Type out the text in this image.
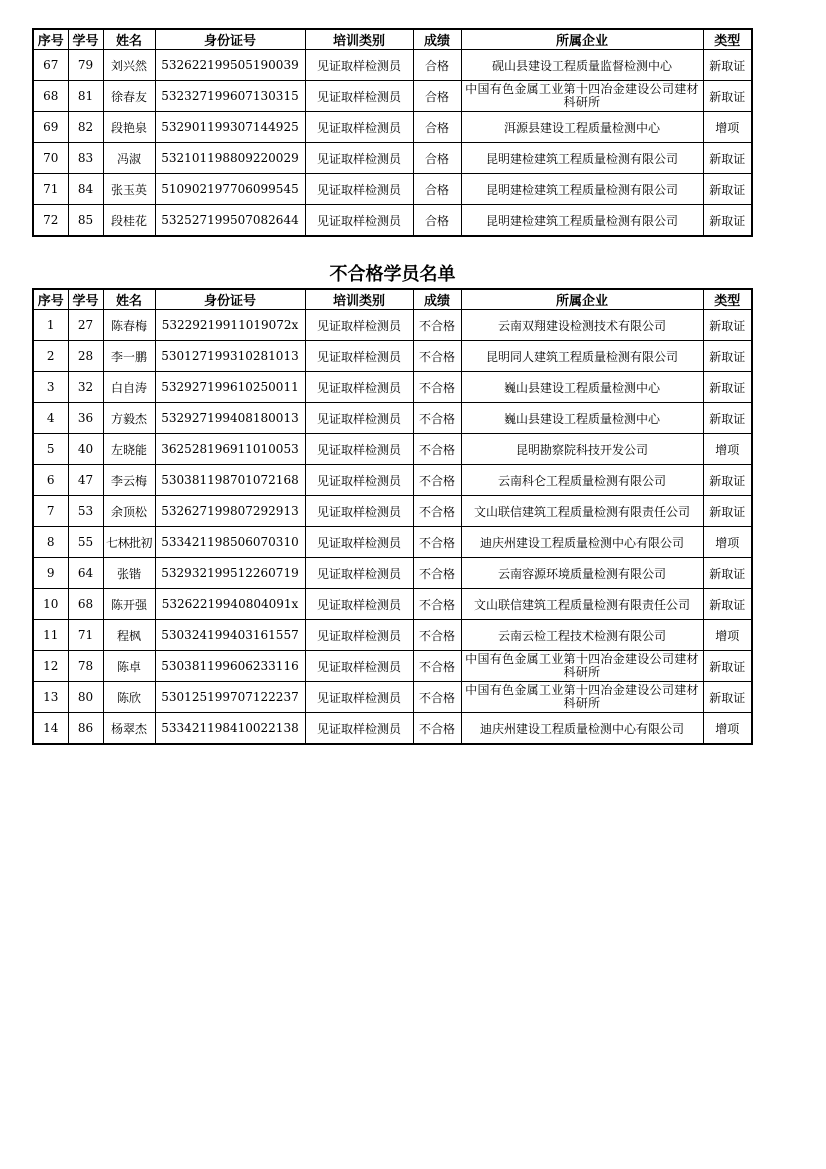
序号	学号	姓名	身份证号	培训类别	成绩	所属企业	类型
67	79	刘兴然	532622199505190039	见证取样检测员	合格	砚山县建设工程质量监督检测中心	新取证
68	81	徐春友	532327199607130315	见证取样检测员	合格	中国有色金属工业第十四冶金建设公司建材科研所	新取证
69	82	段艳泉	532901199307144925	见证取样检测员	合格	洱源县建设工程质量检测中心	增项
70	83	冯淑	532101198809220029	见证取样检测员	合格	昆明建检建筑工程质量检测有限公司	新取证
71	84	张玉英	510902197706099545	见证取样检测员	合格	昆明建检建筑工程质量检测有限公司	新取证
72	85	段桂花	532527199507082644	见证取样检测员	合格	昆明建检建筑工程质量检测有限公司	新取证
不合格学员名单
序号	学号	姓名	身份证号	培训类别	成绩	所属企业	类型
1	27	陈春梅	53229219911019072x	见证取样检测员	不合格	云南双翔建设检测技术有限公司	新取证
2	28	李一鹏	530127199310281013	见证取样检测员	不合格	昆明同人建筑工程质量检测有限公司	新取证
3	32	白自涛	532927199610250011	见证取样检测员	不合格	巍山县建设工程质量检测中心	新取证
4	36	方毅杰	532927199408180013	见证取样检测员	不合格	巍山县建设工程质量检测中心	新取证
5	40	左晓能	362528196911010053	见证取样检测员	不合格	昆明勘察院科技开发公司	增项
6	47	李云梅	530381198701072168	见证取样检测员	不合格	云南科仑工程质量检测有限公司	新取证
7	53	余顶松	532627199807292913	见证取样检测员	不合格	文山联信建筑工程质量检测有限责任公司	新取证
8	55	七林批初	533421198506070310	见证取样检测员	不合格	迪庆州建设工程质量检测中心有限公司	增项
9	64	张锴	532932199512260719	见证取样检测员	不合格	云南容源环境质量检测有限公司	新取证
10	68	陈开强	53262219940804091x	见证取样检测员	不合格	文山联信建筑工程质量检测有限责任公司	新取证
11	71	程枫	530324199403161557	见证取样检测员	不合格	云南云检工程技术检测有限公司	增项
12	78	陈卓	530381199606233116	见证取样检测员	不合格	中国有色金属工业第十四冶金建设公司建材科研所	新取证
13	80	陈欣	530125199707122237	见证取样检测员	不合格	中国有色金属工业第十四冶金建设公司建材科研所	新取证
14	86	杨翠杰	533421198410022138	见证取样检测员	不合格	迪庆州建设工程质量检测中心有限公司	增项
